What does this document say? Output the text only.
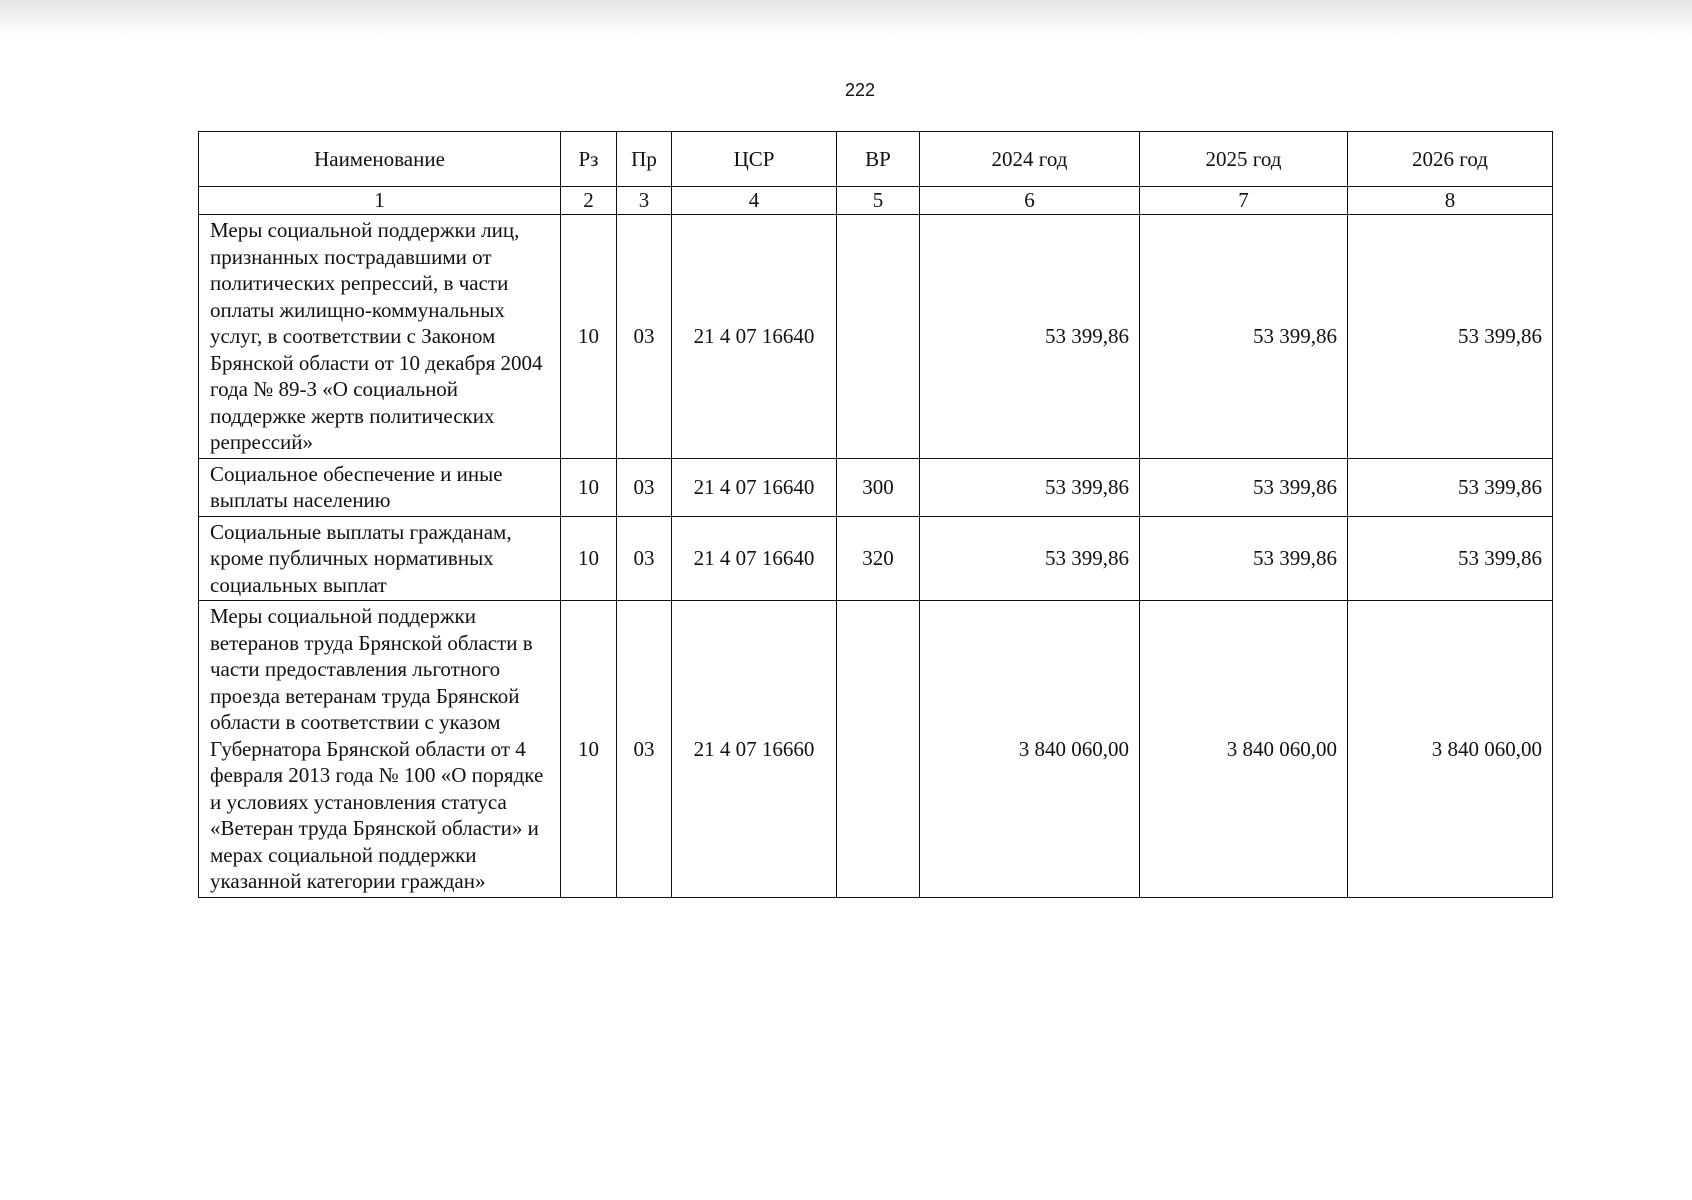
222
Наименование	Рз	Пр	ЦСР	ВР	2024 год	2025 год	2026 год
1	2	3	4	5	6	7	8
Меры социальной поддержки лиц, признанных пострадавшими от политических репрессий, в части оплаты жилищно-коммунальных услуг, в соответствии с Законом Брянской области от 10 декабря 2004 года № 89-З «О социальной поддержке жертв политических репрессий»	10	03	21 4 07 16640		53 399,86	53 399,86	53 399,86
Социальное обеспечение и иные выплаты населению	10	03	21 4 07 16640	300	53 399,86	53 399,86	53 399,86
Социальные выплаты гражданам, кроме публичных нормативных социальных выплат	10	03	21 4 07 16640	320	53 399,86	53 399,86	53 399,86
Меры социальной поддержки ветеранов труда Брянской области в части предоставления льготного проезда ветеранам труда Брянской области в соответствии с указом Губернатора Брянской области от 4 февраля 2013 года № 100 «О порядке и условиях установления статуса «Ветеран труда Брянской области» и мерах социальной поддержки указанной категории граждан»	10	03	21 4 07 16660		3 840 060,00	3 840 060,00	3 840 060,00
